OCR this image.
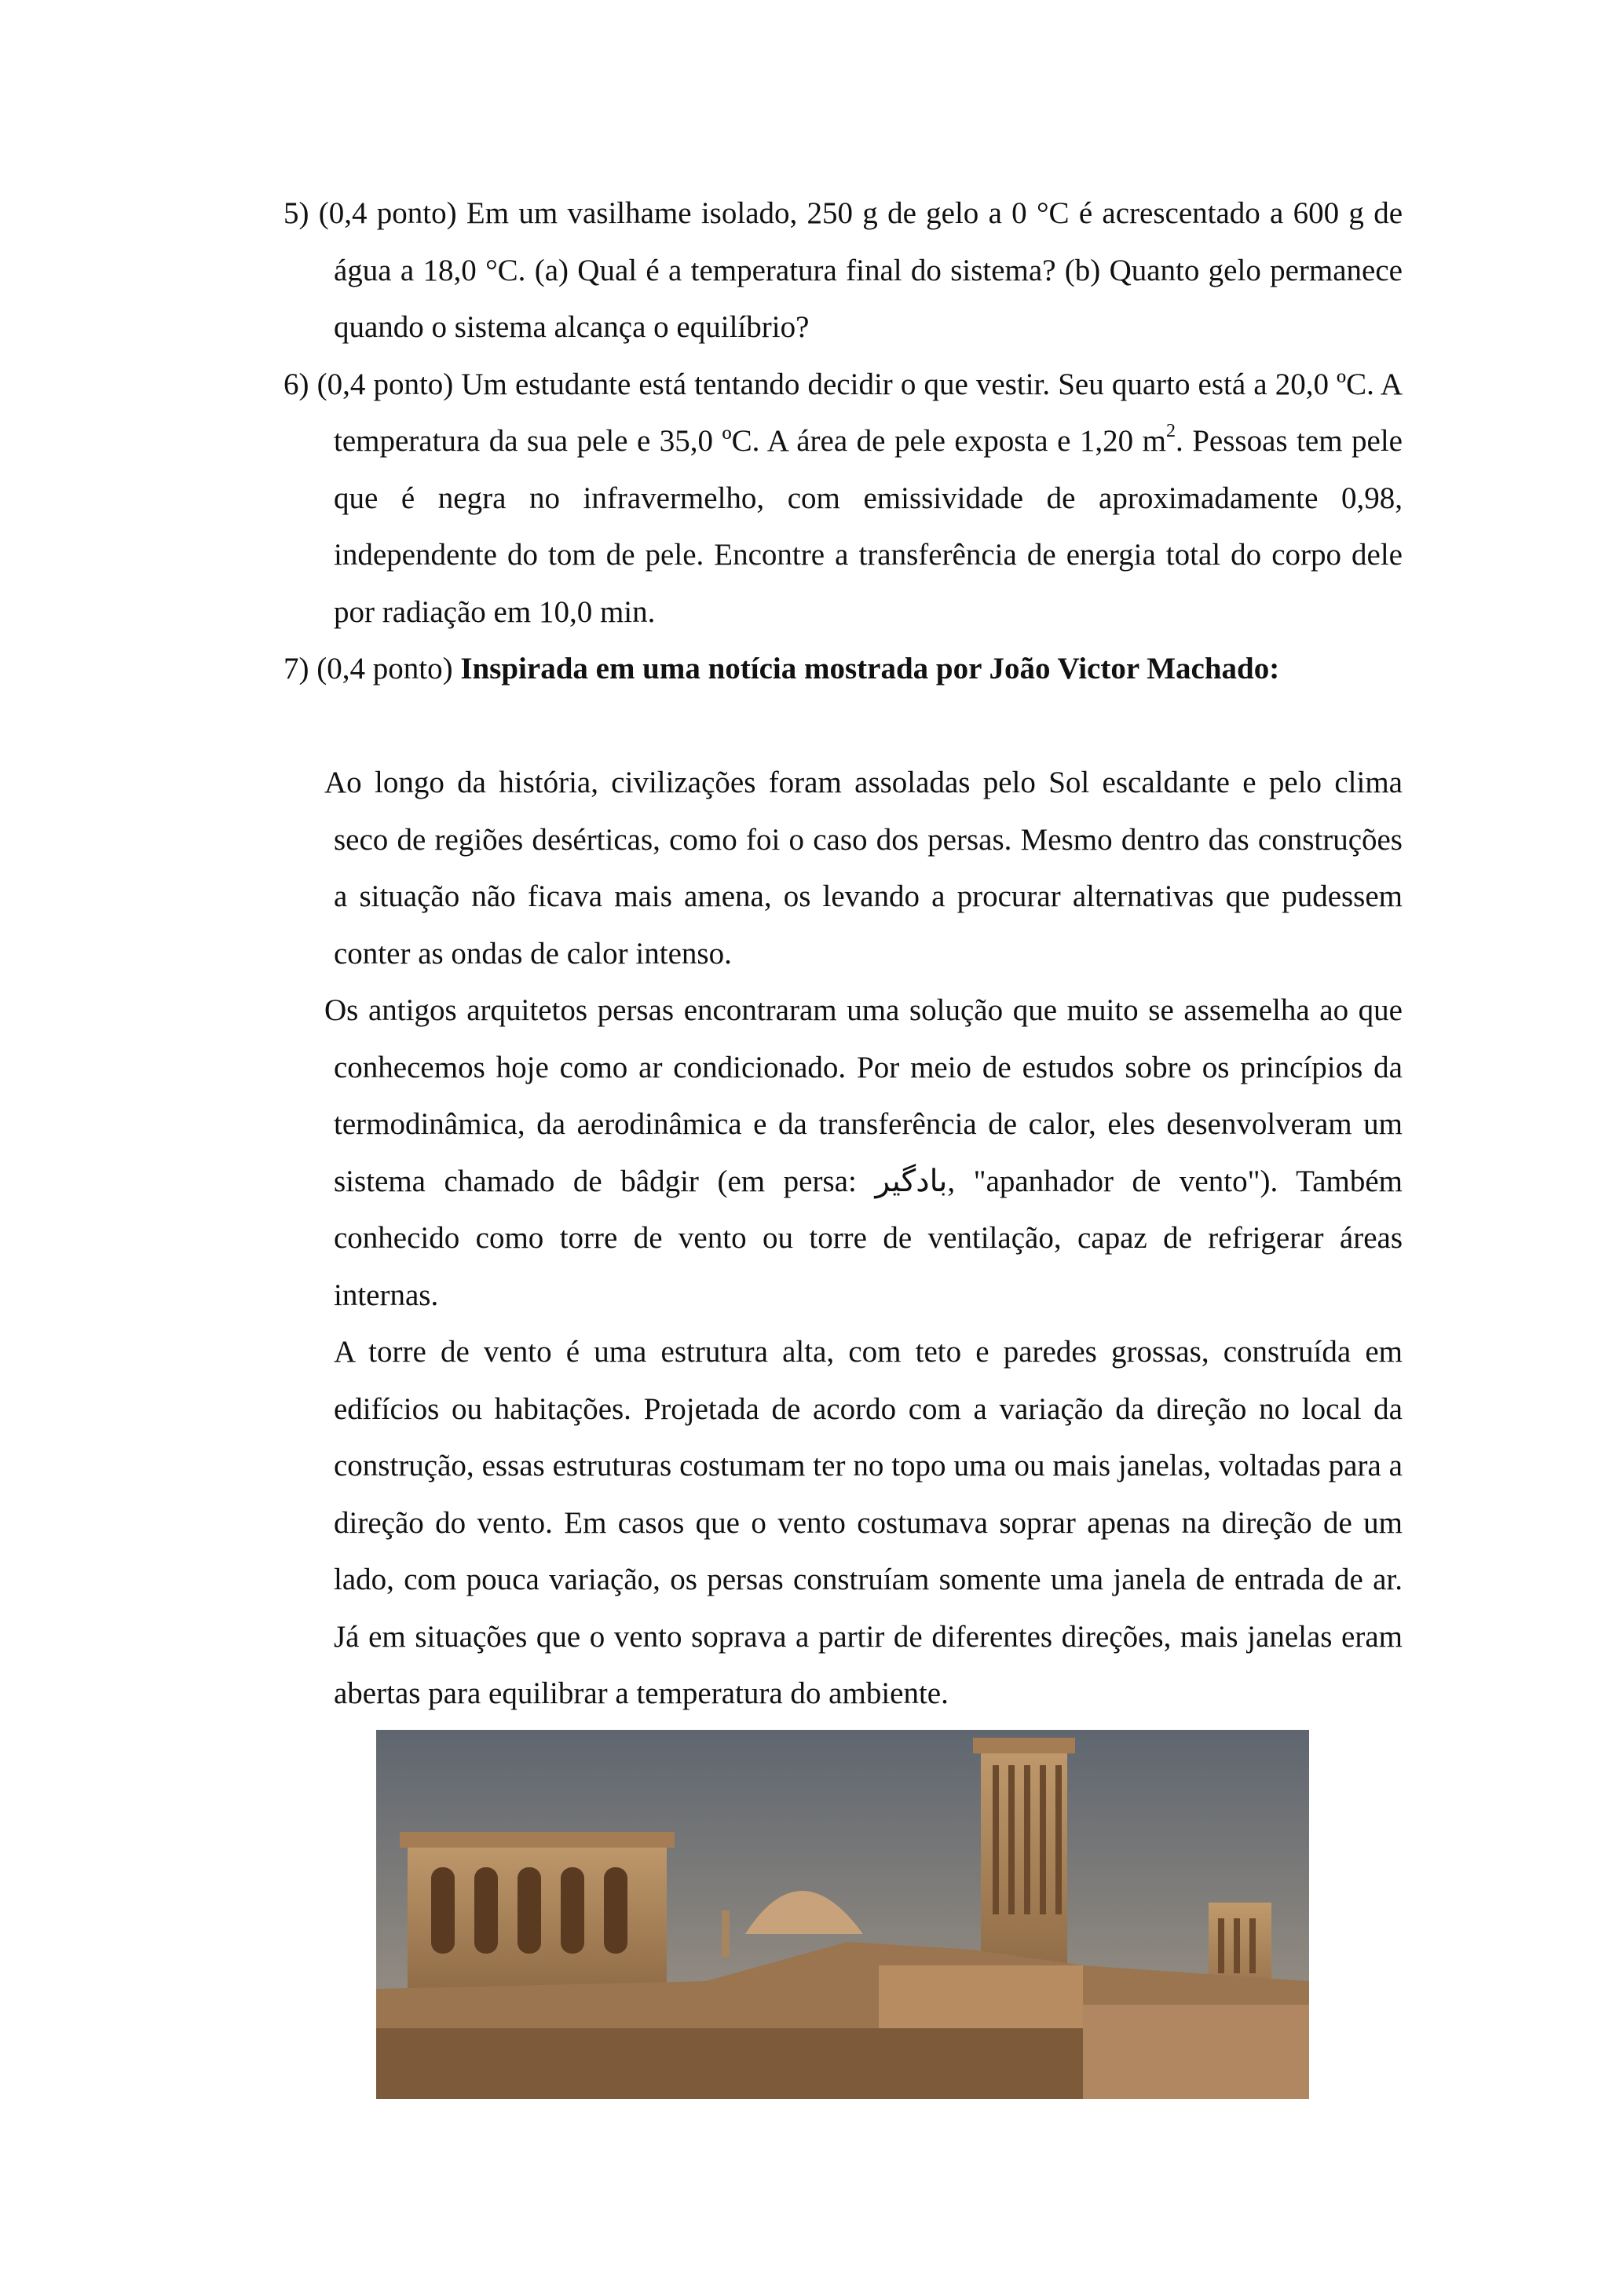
5) (0,4 ponto) Em um vasilhame isolado, 250 g de gelo a 0 °C é acrescentado a 600 g de água a 18,0 °C. (a) Qual é a temperatura final do sistema? (b) Quanto gelo permanece quando o sistema alcança o equilíbrio?

6) (0,4 ponto) Um estudante está tentando decidir o que vestir. Seu quarto está a 20,0 ºC. A temperatura da sua pele e 35,0 ºC. A área de pele exposta e 1,20 $m^2$. Pessoas tem pele que é negra no infravermelho, com emissividade de aproximadamente 0,98, independente do tom de pele. Encontre a transferência de energia total do corpo dele por radiação em 10,0 min.

7) (0,4 ponto) Inspirada em uma notícia mostrada por João Victor Machado:

Ao longo da história, civilizações foram assoladas pelo Sol escaldante e pelo clima seco de regiões desérticas, como foi o caso dos persas. Mesmo dentro das construções a situação não ficava mais amena, os levando a procurar alternativas que pudessem conter as ondas de calor intenso.

Os antigos arquitetos persas encontraram uma solução que muito se assemelha ao que conhecemos hoje como ar condicionado. Por meio de estudos sobre os princípios da termodinâmica, da aerodinâmica e da transferência de calor, eles desenvolveram um sistema chamado de bâdgir (em persa: بادگیر, "apanhador de vento"). Também conhecido como torre de vento ou torre de ventilação, capaz de refrigerar áreas internas.

A torre de vento é uma estrutura alta, com teto e paredes grossas, construída em edifícios ou habitações. Projetada de acordo com a variação da direção no local da construção, essas estruturas costumam ter no topo uma ou mais janelas, voltadas para a direção do vento. Em casos que o vento costumava soprar apenas na direção de um lado, com pouca variação, os persas construíam somente uma janela de entrada de ar. Já em situações que o vento soprava a partir de diferentes direções, mais janelas eram abertas para equilibrar a temperatura do ambiente.
